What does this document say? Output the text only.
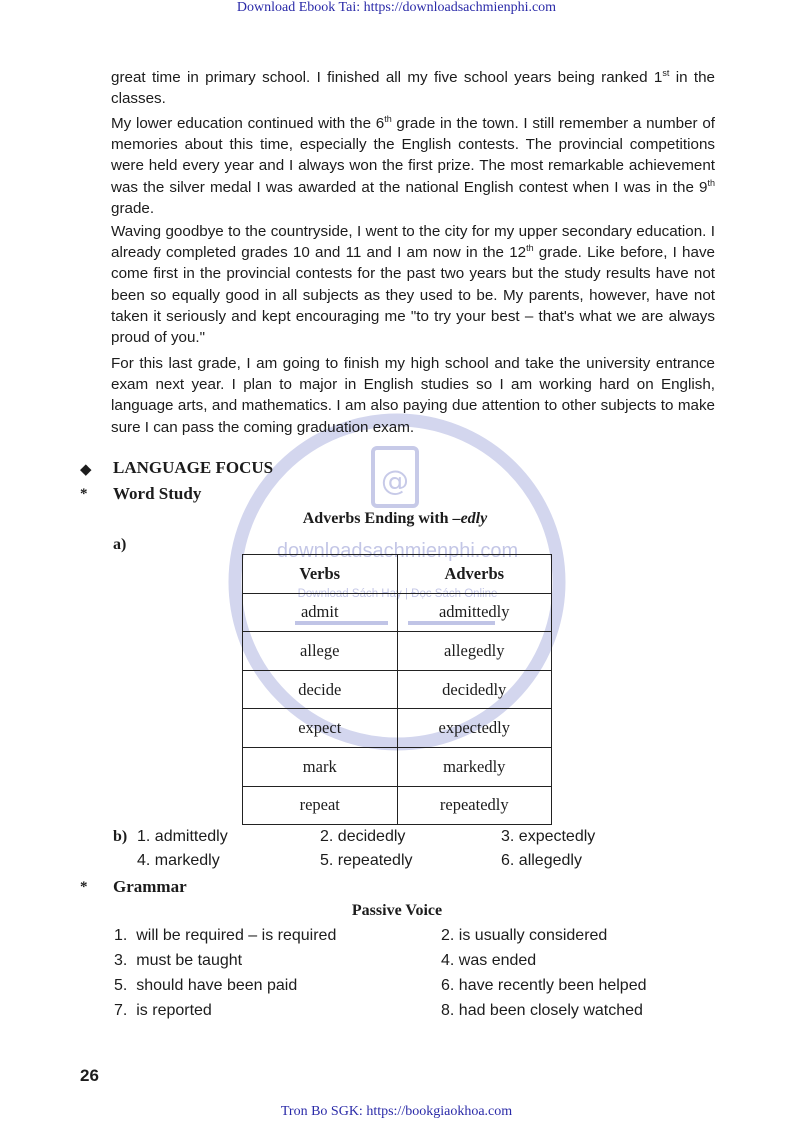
Download Ebook Tai: https://downloadsachmienphi.com
@
downloadsachmienphi.com
Download Sách Hay | Đọc Sách Online

great time in primary school. I finished all my five school years being ranked 1st in the classes.

My lower education continued with the 6th grade in the town. I still remember a number of memories about this time, especially the English contests. The provincial competitions were held every year and I always won the first prize. The most remarkable achievement was the silver medal I was awarded at the national English contest when I was in the 9th grade.

Waving goodbye to the countryside, I went to the city for my upper secondary education. I already completed grades 10 and 11 and I am now in the 12th grade. Like before, I have come first in the provincial contests for the past two years but the study results have not been so equally good in all subjects as they used to be. My parents, however, have not taken it seriously and kept encouraging me "to try your best – that's what we are always proud of you."

For this last grade, I am going to finish my high school and take the university entrance exam next year. I plan to major in English studies so I am working hard on English, language arts, and mathematics. I am also paying due attention to other subjects to make sure I can pass the coming graduation exam.

◆ LANGUAGE FOCUS
* Word Study
Adverbs Ending with –edly
a)
Verbs	Adverbs
admit	admittedly
allege	allegedly
decide	decidedly
expect	expectedly
mark	markedly
repeat	repeatedly
b) 1. admittedly	2. decidedly	3. expectedly
4. markedly	5. repeatedly	6. allegedly
* Grammar
Passive Voice
1.  will be required – is required	2. is usually considered
3.  must be taught	4. was ended
5.  should have been paid	6. have recently been helped
7.  is reported	8. had been closely watched
26
Tron Bo SGK: https://bookgiaokhoa.com
